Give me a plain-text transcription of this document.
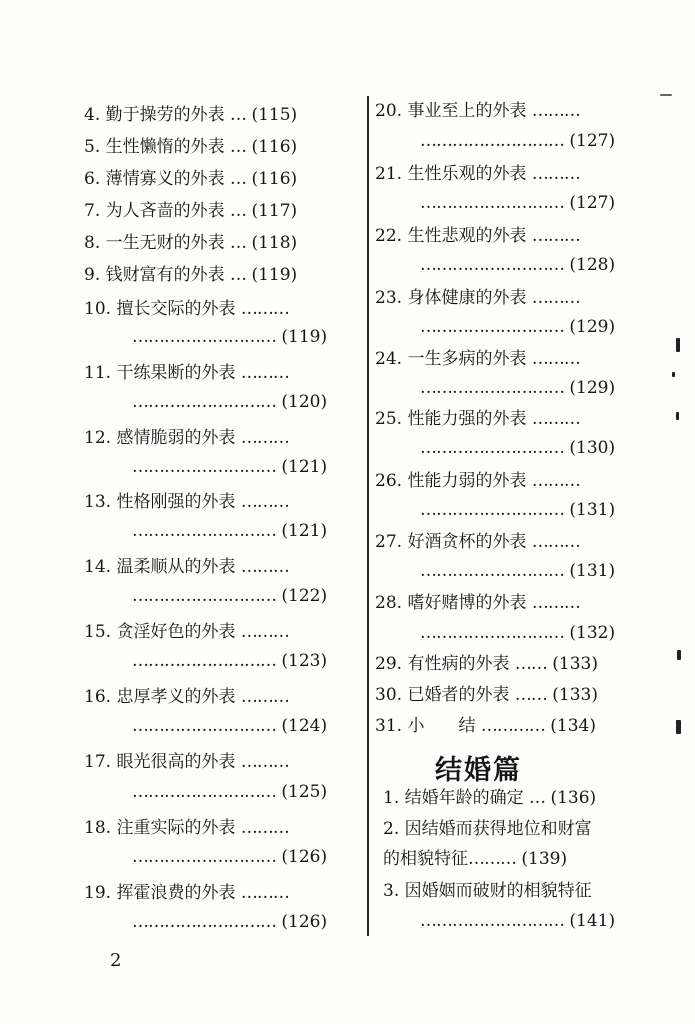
4. 勤于操劳的外表 … (115)
5. 生性懒惰的外表 … (116)
6. 薄情寡义的外表 … (116)
7. 为人吝啬的外表 … (117)
8. 一生无财的外表 … (118)
9. 钱财富有的外表 … (119)
10. 擅长交际的外表 ………
……………………… (119)
11. 干练果断的外表 ………
……………………… (120)
12. 感情脆弱的外表 ………
……………………… (121)
13. 性格刚强的外表 ………
……………………… (121)
14. 温柔顺从的外表 ………
……………………… (122)
15. 贪淫好色的外表 ………
……………………… (123)
16. 忠厚孝义的外表 ………
……………………… (124)
17. 眼光很高的外表 ………
……………………… (125)
18. 注重实际的外表 ………
……………………… (126)
19. 挥霍浪费的外表 ………
……………………… (126)
20. 事业至上的外表 ………
……………………… (127)
21. 生性乐观的外表 ………
……………………… (127)
22. 生性悲观的外表 ………
……………………… (128)
23. 身体健康的外表 ………
……………………… (129)
24. 一生多病的外表 ………
……………………… (129)
25. 性能力强的外表 ………
……………………… (130)
26. 性能力弱的外表 ………
……………………… (131)
27. 好酒贪杯的外表 ………
……………………… (131)
28. 嗜好赌博的外表 ………
……………………… (132)
29. 有性病的外表 …… (133)
30. 已婚者的外表 …… (133)
31. 小　　结 ………… (134)
结婚篇
1. 结婚年龄的确定 … (136)
2. 因结婚而获得地位和财富
的相貌特征……… (139)
3. 因婚姻而破财的相貌特征
……………………… (141)
2
